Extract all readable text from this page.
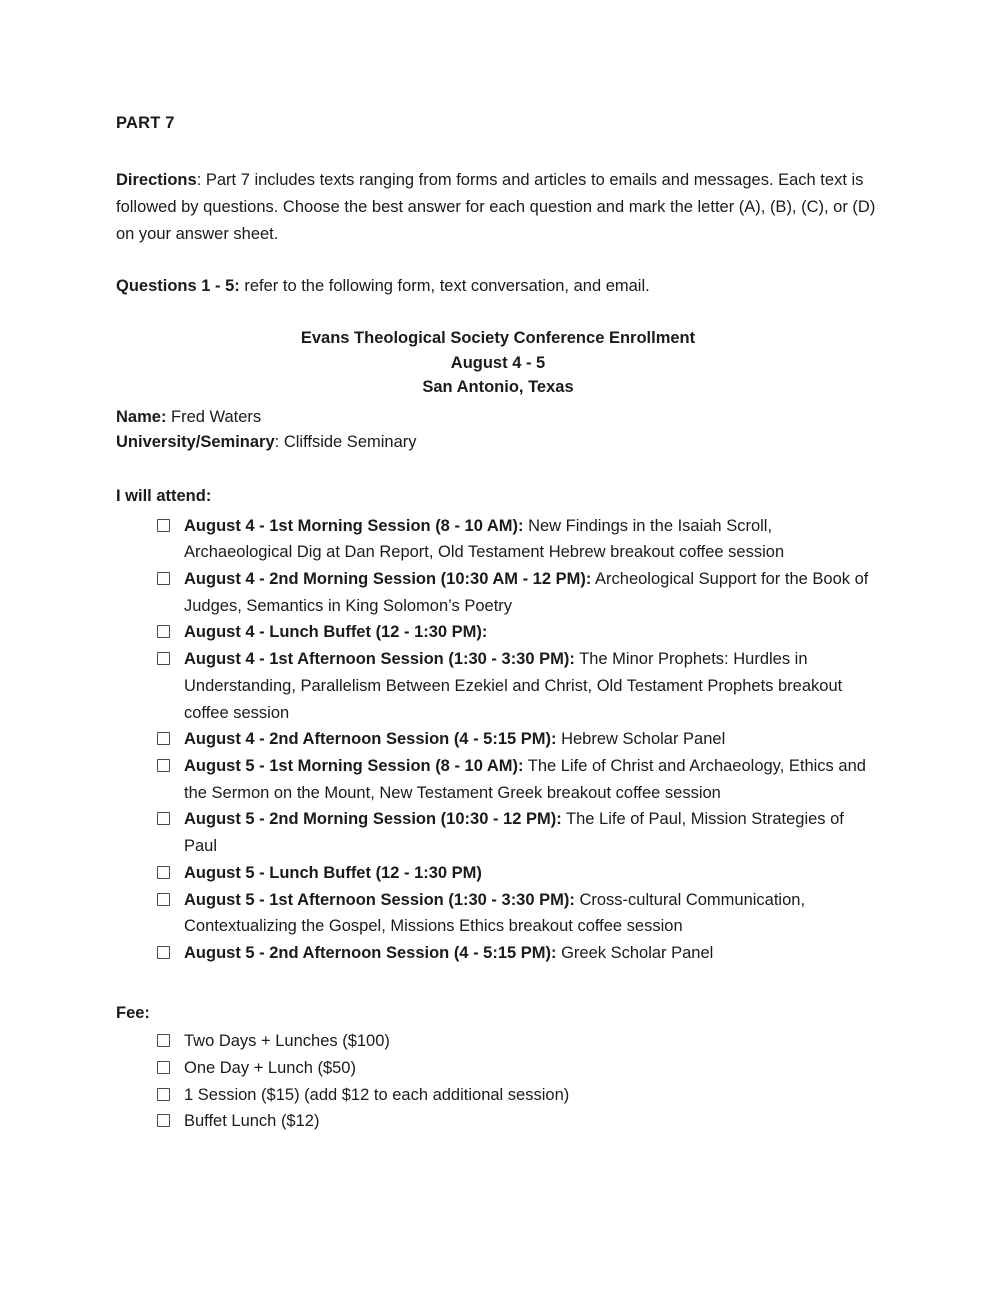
PART 7

Directions: Part 7 includes texts ranging from forms and articles to emails and messages. Each text is followed by questions. Choose the best answer for each question and mark the letter (A), (B), (C), or (D) on your answer sheet.

Questions 1 - 5: refer to the following form, text conversation, and email.

Evans Theological Society Conference Enrollment
August 4 - 5
San Antonio, Texas

Name: Fred Waters

University/Seminary: Cliffside Seminary

I will attend:

August 4 - 1st Morning Session (8 - 10 AM): New Findings in the Isaiah Scroll, Archaeological Dig at Dan Report, Old Testament Hebrew breakout coffee session
August 4 - 2nd Morning Session (10:30 AM - 12 PM): Archeological Support for the Book of Judges, Semantics in King Solomon’s Poetry
August 4 - Lunch Buffet (12 - 1:30 PM):
August 4 - 1st Afternoon Session (1:30 - 3:30 PM): The Minor Prophets: Hurdles in Understanding, Parallelism Between Ezekiel and Christ, Old Testament Prophets breakout coffee session
August 4 - 2nd Afternoon Session (4 - 5:15 PM): Hebrew Scholar Panel
August 5 - 1st Morning Session (8 - 10 AM): The Life of Christ and Archaeology, Ethics and the Sermon on the Mount, New Testament Greek breakout coffee session
August 5 - 2nd Morning Session (10:30 - 12 PM): The Life of Paul, Mission Strategies of Paul
August 5 - Lunch Buffet (12 - 1:30 PM)
August 5 - 1st Afternoon Session (1:30 - 3:30 PM): Cross-cultural Communication, Contextualizing the Gospel, Missions Ethics breakout coffee session
August 5 - 2nd Afternoon Session (4 - 5:15 PM): Greek Scholar Panel

Fee:

Two Days + Lunches ($100)
One Day + Lunch ($50)
1 Session ($15) (add $12 to each additional session)
Buffet Lunch ($12)
